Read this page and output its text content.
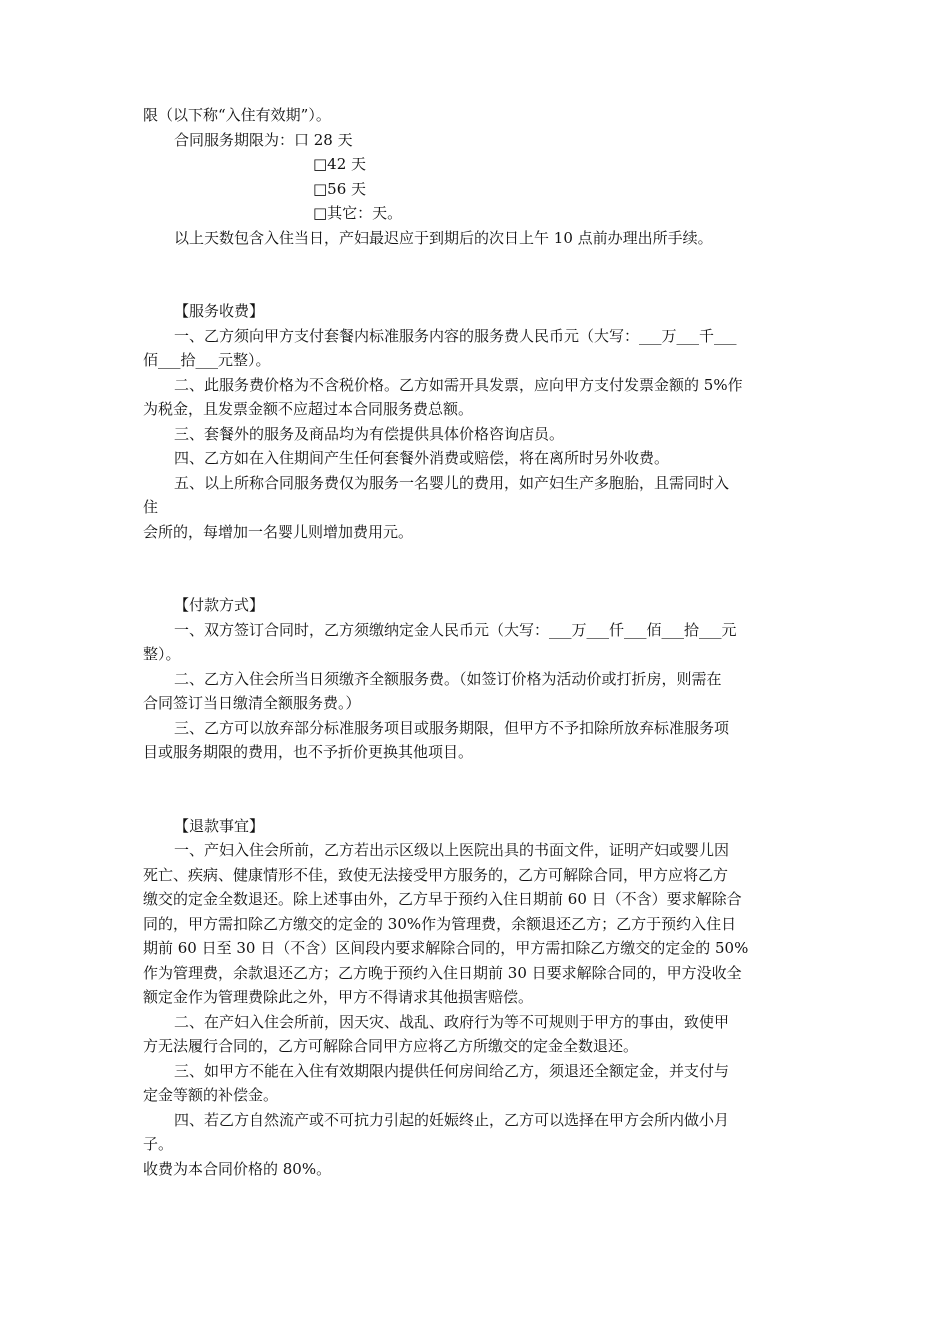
限（以下称“入住有效期”）。
合同服务期限为：口 28 天
□42 天
□56 天
□其它：天。
以上天数包含入住当日，产妇最迟应于到期后的次日上午 10 点前办理出所手续。
【服务收费】
一、乙方须向甲方支付套餐内标准服务内容的服务费人民币元（大写：___万___千___
佰___拾___元整）。
二、此服务费价格为不含税价格。乙方如需开具发票，应向甲方支付发票金额的 5%作
为税金，且发票金额不应超过本合同服务费总额。
三、套餐外的服务及商品均为有偿提供具体价格咨询店员。
四、乙方如在入住期间产生任何套餐外消费或赔偿，将在离所时另外收费。
五、以上所称合同服务费仅为服务一名婴儿的费用，如产妇生产多胞胎，且需同时入
住
会所的，每增加一名婴儿则增加费用元。
【付款方式】
一、双方签订合同时，乙方须缴纳定金人民币元（大写：___万___仟___佰___拾___元
整）。
二、乙方入住会所当日须缴齐全额服务费。（如签订价格为活动价或打折房，则需在
合同签订当日缴清全额服务费。）
三、乙方可以放弃部分标准服务项目或服务期限，但甲方不予扣除所放弃标准服务项
目或服务期限的费用，也不予折价更换其他项目。
【退款事宜】
一、产妇入住会所前，乙方若出示区级以上医院出具的书面文件，证明产妇或婴儿因
死亡、疾病、健康情形不佳，致使无法接受甲方服务的，乙方可解除合同，甲方应将乙方
缴交的定金全数退还。除上述事由外，乙方早于预约入住日期前 60 日（不含）要求解除合
同的，甲方需扣除乙方缴交的定金的 30%作为管理费，余额退还乙方；乙方于预约入住日
期前 60 日至 30 日（不含）区间段内要求解除合同的，甲方需扣除乙方缴交的定金的 50%
作为管理费，余款退还乙方；乙方晚于预约入住日期前 30 日要求解除合同的，甲方没收全
额定金作为管理费除此之外，甲方不得请求其他损害赔偿。
二、在产妇入住会所前，因天灾、战乱、政府行为等不可规则于甲方的事由，致使甲
方无法履行合同的，乙方可解除合同甲方应将乙方所缴交的定金全数退还。
三、如甲方不能在入住有效期限内提供任何房间给乙方，须退还全额定金，并支付与
定金等额的补偿金。
四、若乙方自然流产或不可抗力引起的妊娠终止，乙方可以选择在甲方会所内做小月
子。
收费为本合同价格的 80%。
